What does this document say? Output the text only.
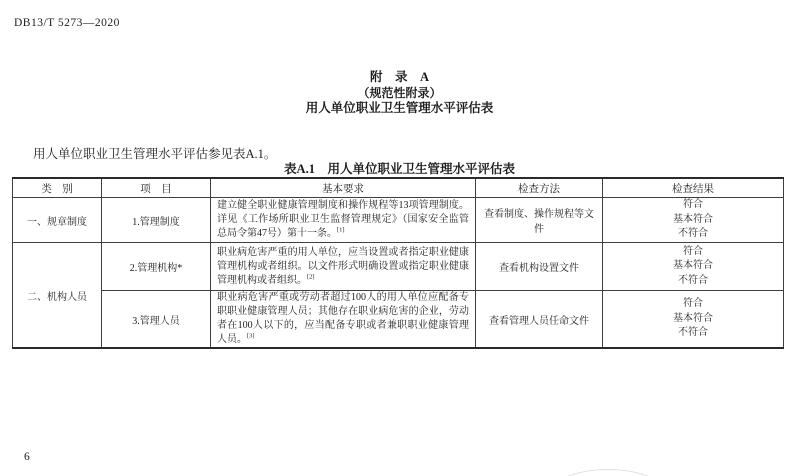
DB13/T 5273—2020
附　录　A
（规范性附录）
用人单位职业卫生管理水平评估表
用人单位职业卫生管理水平评估参见表A.1。
表A.1　用人单位职业卫生管理水平评估表
类　别	项　目	基本要求	检查方法	检查结果
一、规章制度	1.管理制度	建立健全职业健康管理制度和操作规程等13项管理制度。详见《工作场所职业卫生监督管理规定》（国家安全监管总局令第47号）第十一条。[1]	查看制度、操作规程等文件	符合
基本符合
不符合

二、机构人员	2.管理机构*	职业病危害严重的用人单位，应当设置或者指定职业健康管理机构或者组织。以文件形式明确设置或指定职业健康管理机构或者组织。[2]	查看机构设置文件	符合
基本符合
不符合

	3.管理人员	职业病危害严重或劳动者超过100人的用人单位应配备专职职业健康管理人员；其他存在职业病危害的企业，劳动者在100人以下的，应当配备专职或者兼职职业健康管理人员。[3]	查看管理人员任命文件	符合
基本符合
不符合
6
